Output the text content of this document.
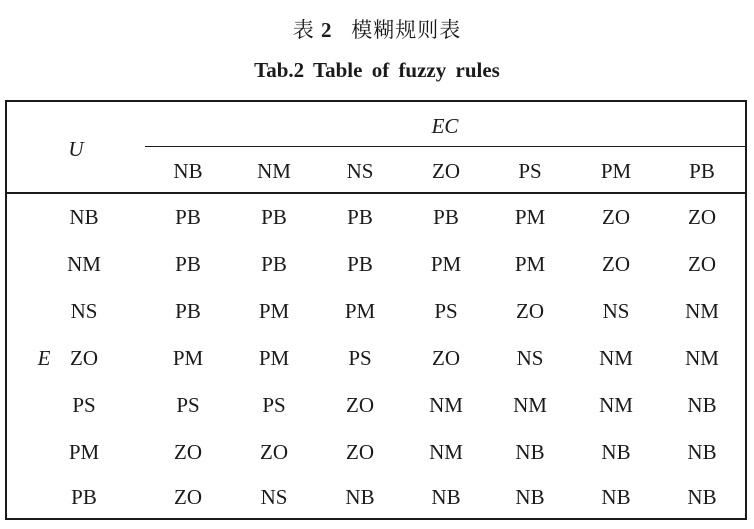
表 2 模糊规则表
Tab.2 Table of fuzzy rules
U
EC
E
NB	NM	NS	ZO	PS	PM	PB
NB	PB	PB	PB	PB	PM	ZO	ZO
NM	PB	PB	PB	PM	PM	ZO	ZO
NS	PB	PM	PM	PS	ZO	NS	NM
ZO	PM	PM	PS	ZO	NS	NM	NM
PS	PS	PS	ZO	NM	NM	NM	NB
PM	ZO	ZO	ZO	NM	NB	NB	NB
PB	ZO	NS	NB	NB	NB	NB	NB
